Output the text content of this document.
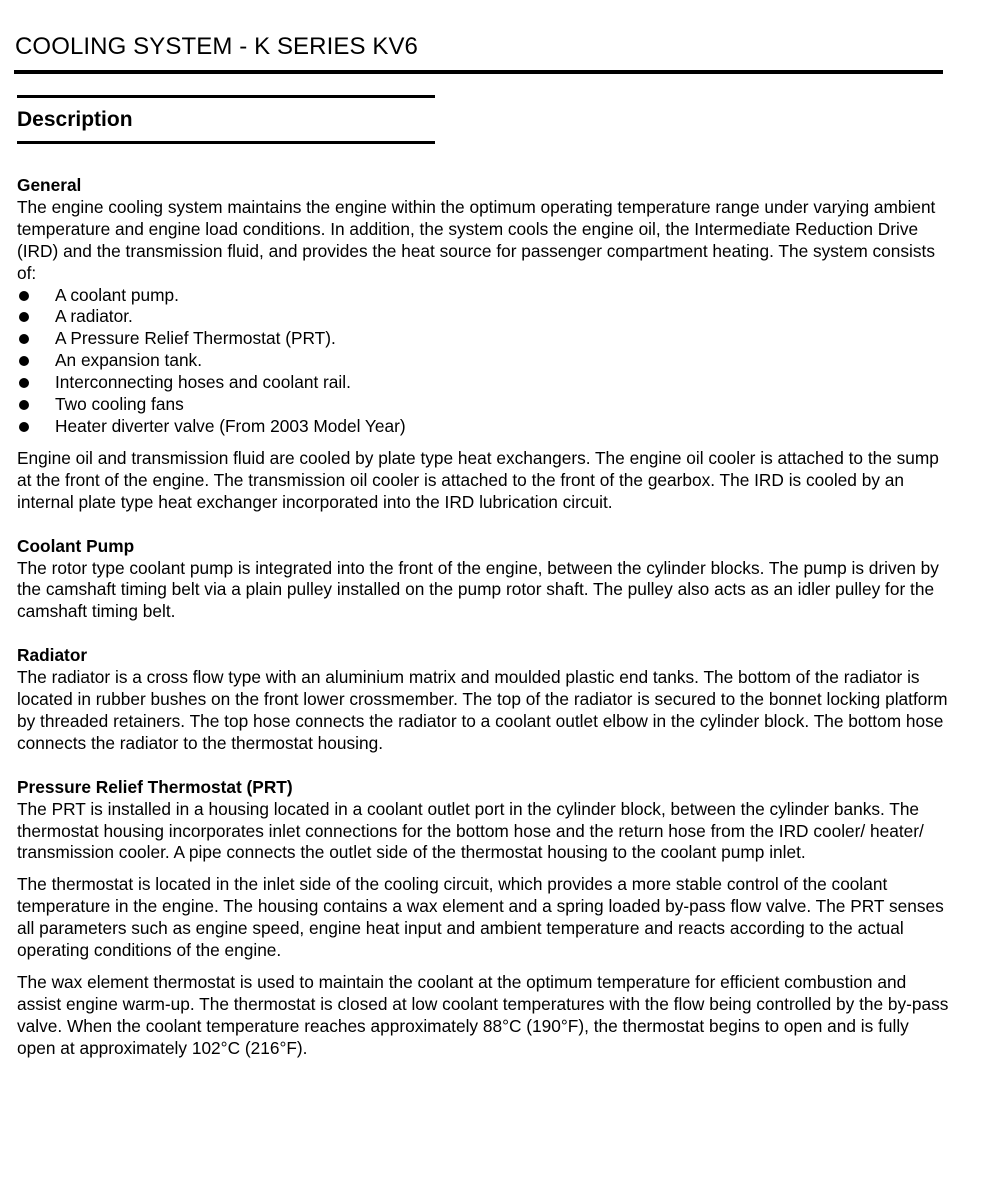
COOLING SYSTEM - K SERIES KV6
Description

General

The engine cooling system maintains the engine within the optimum operating temperature range under varying ambient temperature and engine load conditions. In addition, the system cools the engine oil, the Intermediate Reduction Drive (IRD) and the transmission fluid, and provides the heat source for passenger compartment heating. The system consists of:

A coolant pump.
A radiator.
A Pressure Relief Thermostat (PRT).
An expansion tank.
Interconnecting hoses and coolant rail.
Two cooling fans
Heater diverter valve (From 2003 Model Year)

Engine oil and transmission fluid are cooled by plate type heat exchangers. The engine oil cooler is attached to the sump at the front of the engine. The transmission oil cooler is attached to the front of the gearbox. The IRD is cooled by an internal plate type heat exchanger incorporated into the IRD lubrication circuit.

Coolant Pump

The rotor type coolant pump is integrated into the front of the engine, between the cylinder blocks. The pump is driven by the camshaft timing belt via a plain pulley installed on the pump rotor shaft. The pulley also acts as an idler pulley for the camshaft timing belt.

Radiator

The radiator is a cross flow type with an aluminium matrix and moulded plastic end tanks. The bottom of the radiator is located in rubber bushes on the front lower crossmember. The top of the radiator is secured to the bonnet locking platform by threaded retainers. The top hose connects the radiator to a coolant outlet elbow in the cylinder block. The bottom hose connects the radiator to the thermostat housing.

Pressure Relief Thermostat (PRT)

The PRT is installed in a housing located in a coolant outlet port in the cylinder block, between the cylinder banks. The thermostat housing incorporates inlet connections for the bottom hose and the return hose from the IRD cooler/ heater/ transmission cooler. A pipe connects the outlet side of the thermostat housing to the coolant pump inlet.

The thermostat is located in the inlet side of the cooling circuit, which provides a more stable control of the coolant temperature in the engine. The housing contains a wax element and a spring loaded by-pass flow valve. The PRT senses all parameters such as engine speed, engine heat input and ambient temperature and reacts according to the actual operating conditions of the engine.

The wax element thermostat is used to maintain the coolant at the optimum temperature for efficient combustion and assist engine warm-up. The thermostat is closed at low coolant temperatures with the flow being controlled by the by-pass valve. When the coolant temperature reaches approximately 88°C (190°F), the thermostat begins to open and is fully open at approximately 102°C (216°F).
